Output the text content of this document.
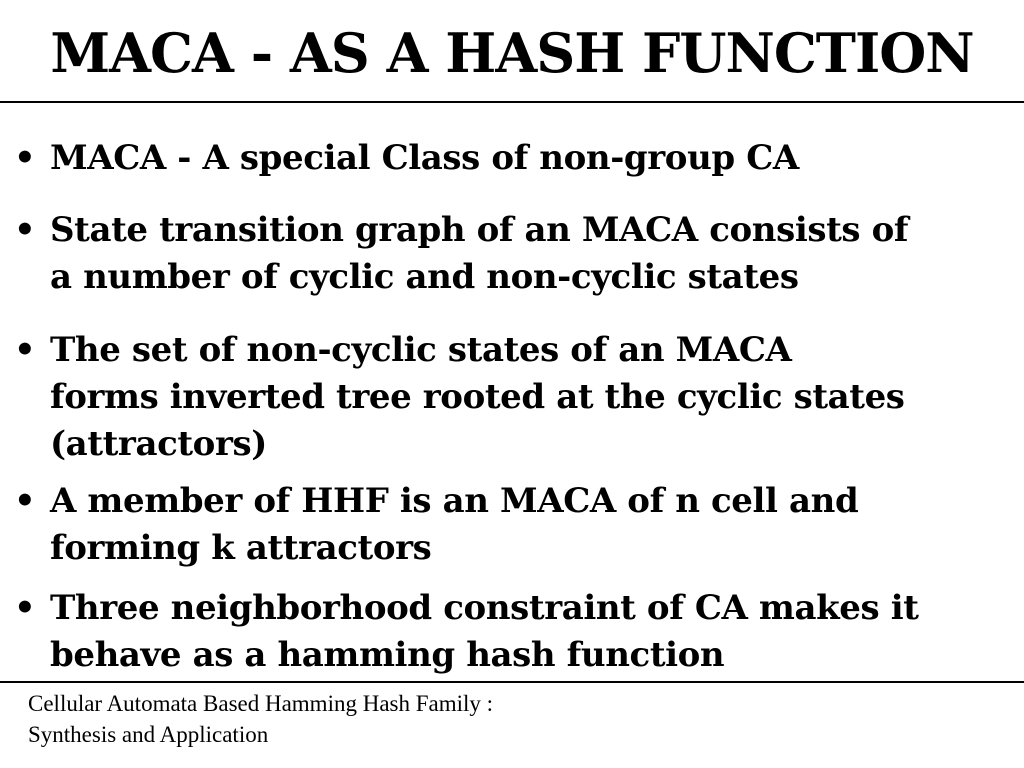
MACA - AS A HASH FUNCTION
• MACA - A special Class of non-group CA
• State transition graph of an MACA consists of
a number of cyclic and non-cyclic states
• The set of non-cyclic states of an MACA
forms inverted tree rooted at the cyclic states
(attractors)
• A member of HHF is an MACA of n cell and
forming k attractors
• Three neighborhood constraint of CA makes it
behave as a hamming hash function
Cellular Automata Based Hamming Hash Family :
Synthesis and Application
